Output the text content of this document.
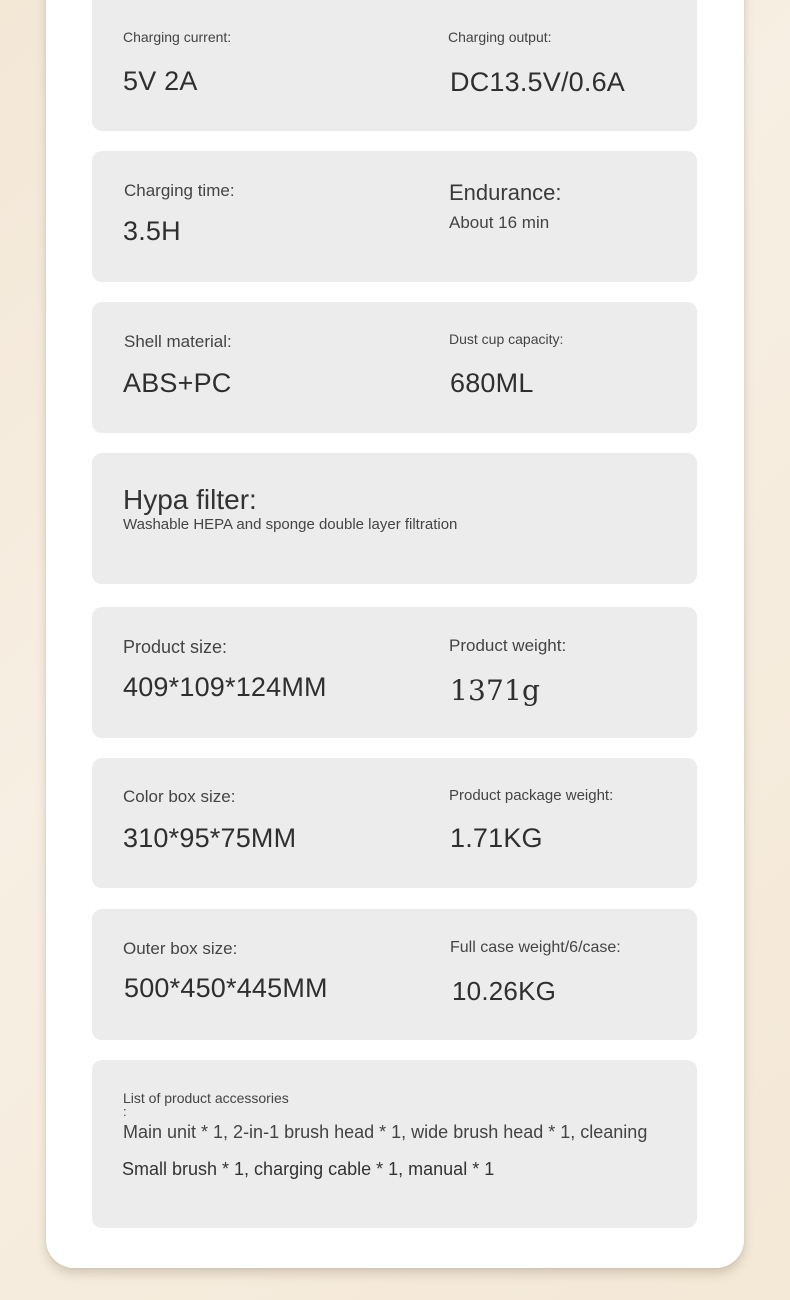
Charging current:
5V 2A
Charging output:
DC13.5V/0.6A
Charging time:
3.5H
Endurance:
About 16 min
Shell material:
ABS+PC
Dust cup capacity:
680ML
Hypa filter:
Washable HEPA and sponge double layer filtration
Product size:
409*109*124MM
Product weight:
1371g
Color box size:
310*95*75MM
Product package weight:
1.71KG
Outer box size:
500*450*445MM
Full case weight/6/case:
10.26KG
List of product accessories
:
Main unit * 1, 2-in-1 brush head * 1, wide brush head * 1, cleaning
Small brush * 1, charging cable * 1, manual * 1
